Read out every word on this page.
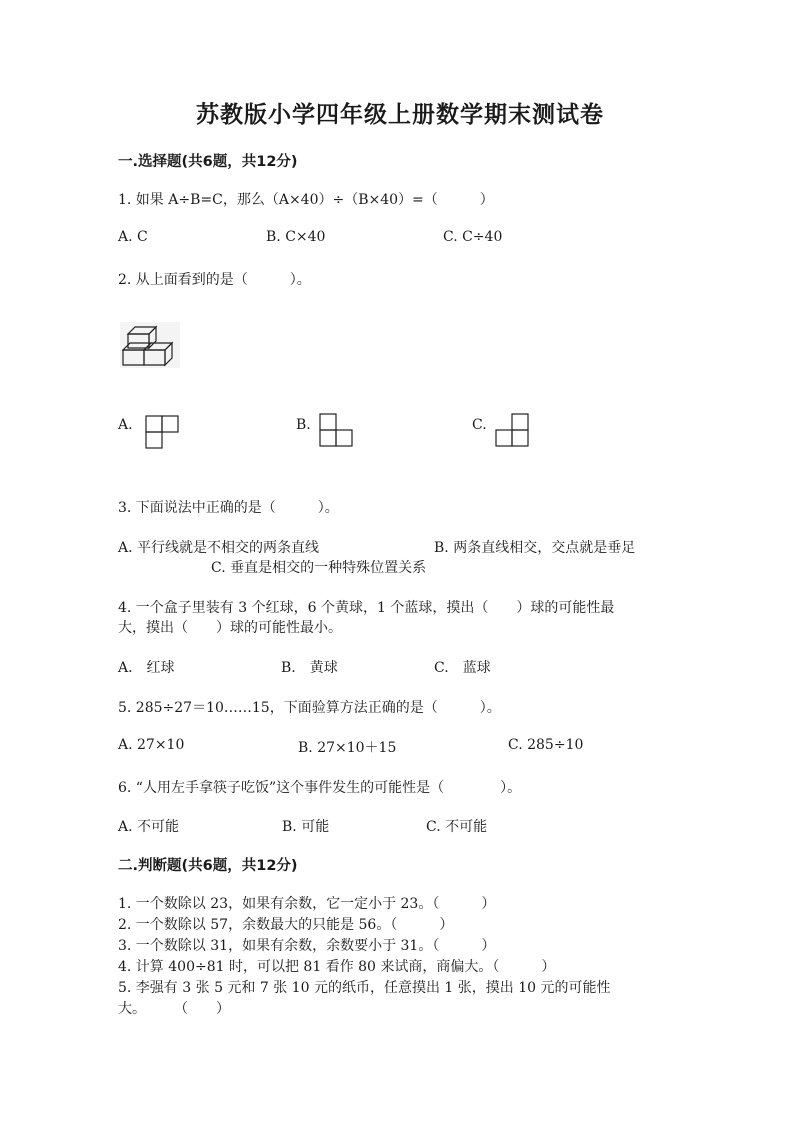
苏教版小学四年级上册数学期末测试卷
一.选择题(共6题，共12分)
1. 如果 A÷B=C，那么（A×40）÷（B×40）=（　　　）
A. C	B. C×40	C. C÷40
2. 从上面看到的是（　　　）。
A.	B.	C.
3. 下面说法中正确的是（　　　）。
A. 平行线就是不相交的两条直线	B. 两条直线相交，交点就是垂足
C. 垂直是相交的一种特殊位置关系
4. 一个盒子里装有 3 个红球，6 个黄球，1 个蓝球，摸出（　　）球的可能性最
大，摸出（　　）球的可能性最小。
A.　红球	B.　黄球	C.　蓝球
5. 285÷27＝10……15，下面验算方法正确的是（　　　）。
A. 27×10	B. 27×10＋15	C. 285÷10
6. “人用左手拿筷子吃饭”这个事件发生的可能性是（　　　　）。
A. 不可能	B. 可能	C. 不可能
二.判断题(共6题，共12分)
1. 一个数除以 23，如果有余数，它一定小于 23。（　　　）
2. 一个数除以 57，余数最大的只能是 56。（　　　）
3. 一个数除以 31，如果有余数，余数要小于 31。（　　　）
4. 计算 400÷81 时，可以把 81 看作 80 来试商，商偏大。（　　　）
5. 李强有 3 张 5 元和 7 张 10 元的纸币，任意摸出 1 张，摸出 10 元的可能性
大。　　　（　　）
